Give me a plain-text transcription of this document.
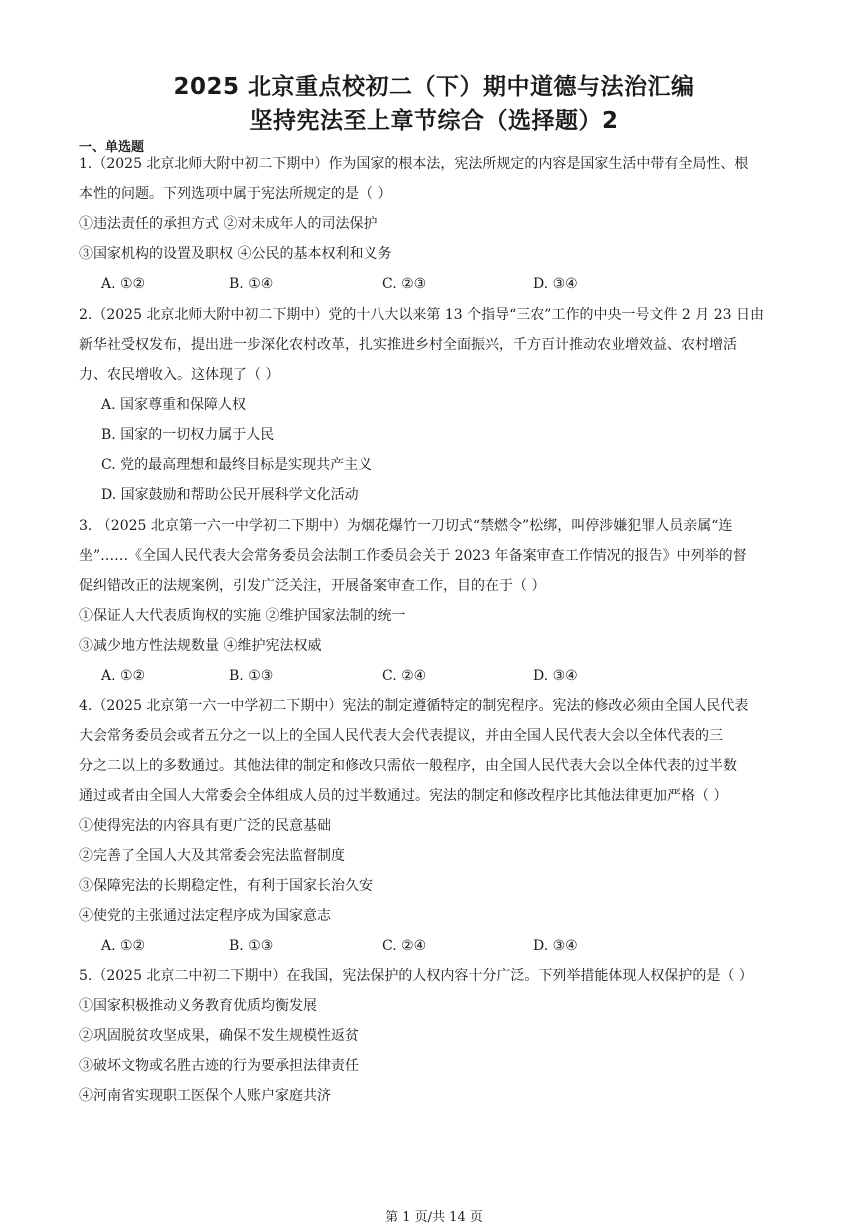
2025 北京重点校初二（下）期中道德与法治汇编
坚持宪法至上章节综合（选择题）2
一、单选题
1.（2025 北京北师大附中初二下期中）作为国家的根本法，宪法所规定的内容是国家生活中带有全局性、根
本性的问题。下列选项中属于宪法所规定的是（ ）
①违法责任的承担方式 ②对未成年人的司法保护
③国家机构的设置及职权 ④公民的基本权利和义务
A. ①②	B. ①④	C. ②③	D. ③④
2.（2025 北京北师大附中初二下期中）党的十八大以来第 13 个指导“三农”工作的中央一号文件 2 月 23 日由
新华社受权发布，提出进一步深化农村改革，扎实推进乡村全面振兴，千方百计推动农业增效益、农村增活
力、农民增收入。这体现了（ ）
A. 国家尊重和保障人权
B. 国家的一切权力属于人民
C. 党的最高理想和最终目标是实现共产主义
D. 国家鼓励和帮助公民开展科学文化活动
3. （2025 北京第一六一中学初二下期中）为烟花爆竹一刀切式“禁燃令”松绑，叫停涉嫌犯罪人员亲属“连
坐”……《全国人民代表大会常务委员会法制工作委员会关于 2023 年备案审查工作情况的报告》中列举的督
促纠错改正的法规案例，引发广泛关注，开展备案审查工作，目的在于（ ）
①保证人大代表质询权的实施 ②维护国家法制的统一
③减少地方性法规数量 ④维护宪法权威
A. ①②	B. ①③	C. ②④	D. ③④
4.（2025 北京第一六一中学初二下期中）宪法的制定遵循特定的制宪程序。宪法的修改必须由全国人民代表
大会常务委员会或者五分之一以上的全国人民代表大会代表提议，并由全国人民代表大会以全体代表的三
分之二以上的多数通过。其他法律的制定和修改只需依一般程序，由全国人民代表大会以全体代表的过半数
通过或者由全国人大常委会全体组成人员的过半数通过。宪法的制定和修改程序比其他法律更加严格（ ）
①使得宪法的内容具有更广泛的民意基础
②完善了全国人大及其常委会宪法监督制度
③保障宪法的长期稳定性，有利于国家长治久安
④使党的主张通过法定程序成为国家意志
A. ①②	B. ①③	C. ②④	D. ③④
5.（2025 北京二中初二下期中）在我国，宪法保护的人权内容十分广泛。下列举措能体现人权保护的是（ ）
①国家积极推动义务教育优质均衡发展
②巩固脱贫攻坚成果，确保不发生规模性返贫
③破坏文物或名胜古迹的行为要承担法律责任
④河南省实现职工医保个人账户家庭共济
第 1 页/共 14 页
